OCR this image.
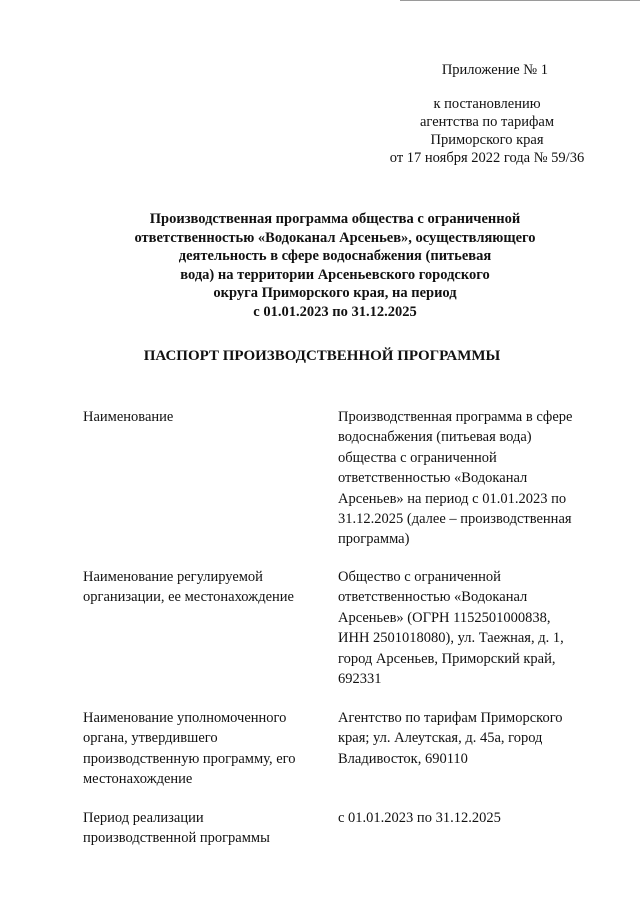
Приложение № 1
к постановлению
агентства по тарифам
Приморского края
от 17 ноября 2022 года № 59/36
Производственная программа общества с ограниченной
ответственностью «Водоканал Арсеньев», осуществляющего
деятельность в сфере водоснабжения (питьевая
вода) на территории Арсеньевского городского
округа Приморского края, на период
с 01.01.2023 по 31.12.2025
ПАСПОРТ ПРОИЗВОДСТВЕННОЙ ПРОГРАММЫ
Наименование	Производственная программа в сфере
водоснабжения (питьевая вода)
общества с ограниченной
ответственностью «Водоканал
Арсеньев» на период с 01.01.2023 по
31.12.2025 (далее – производственная
программа)
Наименование регулируемой
организации, ее местонахождение
Общество с ограниченной
ответственностью «Водоканал
Арсеньев» (ОГРН 1152501000838,
ИНН 2501018080), ул. Таежная, д. 1,
город Арсеньев, Приморский край,
692331
Наименование уполномоченного
органа, утвердившего
производственную программу, его
местонахождение
Агентство по тарифам Приморского
края; ул. Алеутская, д. 45а, город
Владивосток, 690110
Период реализации
производственной программы
с 01.01.2023 по 31.12.2025
